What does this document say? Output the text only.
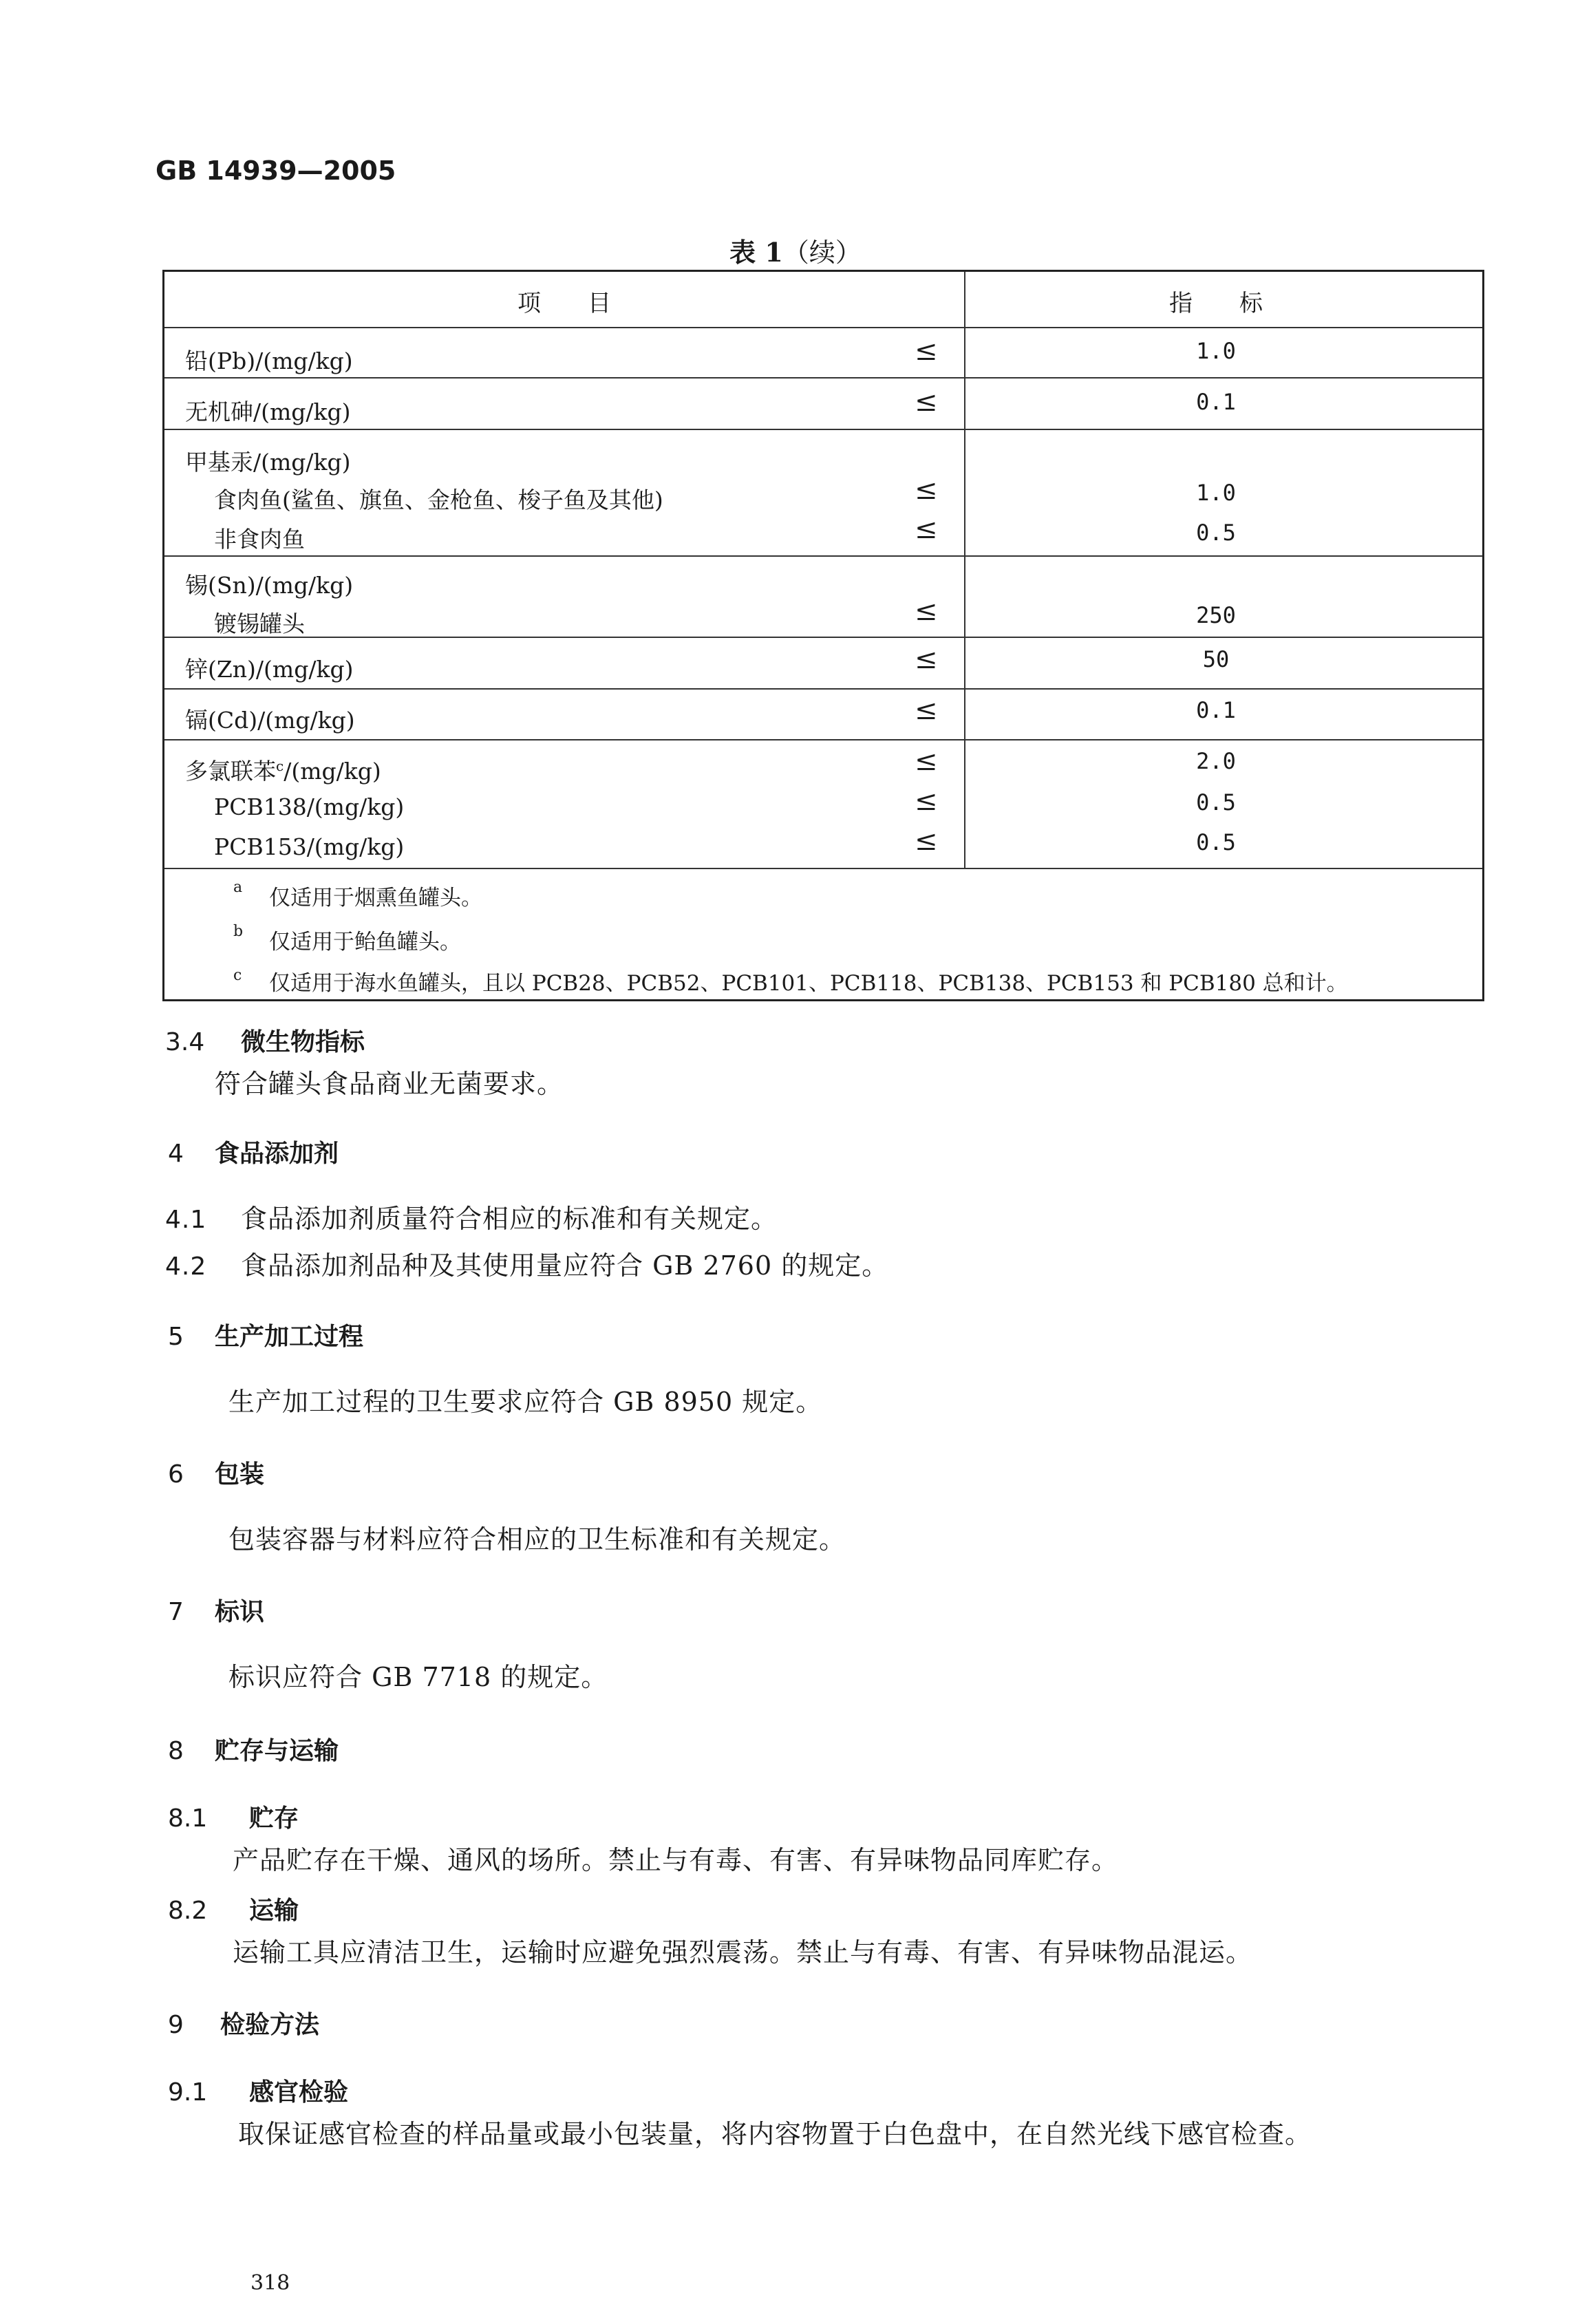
GB 14939—2005
表 1（续）
项　　目	指　　标
铅(Pb)/(mg/kg)	≤	1.0
无机砷/(mg/kg)	≤	0.1
甲基汞/(mg/kg)
食肉鱼(鲨鱼、旗鱼、金枪鱼、梭子鱼及其他)	≤	1.0
非食肉鱼	≤	0.5
锡(Sn)/(mg/kg)
镀锡罐头	≤	250
锌(Zn)/(mg/kg)	≤	50
镉(Cd)/(mg/kg)	≤	0.1
多氯联苯$^c$/(mg/kg)	≤	2.0
PCB138/(mg/kg)	≤	0.5
PCB153/(mg/kg)	≤	0.5
a 仅适用于烟熏鱼罐头。
b 仅适用于鲐鱼罐头。
c 仅适用于海水鱼罐头，且以 PCB28、PCB52、PCB101、PCB118、PCB138、PCB153 和 PCB180 总和计。
3.4 微生物指标
符合罐头食品商业无菌要求。
4 食品添加剂
4.1 食品添加剂质量符合相应的标准和有关规定。
4.2 食品添加剂品种及其使用量应符合 GB 2760 的规定。
5 生产加工过程
生产加工过程的卫生要求应符合 GB 8950 规定。
6 包装
包装容器与材料应符合相应的卫生标准和有关规定。
7 标识
标识应符合 GB 7718 的规定。
8 贮存与运输
8.1 贮存
产品贮存在干燥、通风的场所。禁止与有毒、有害、有异味物品同库贮存。
8.2 运输
运输工具应清洁卫生，运输时应避免强烈震荡。禁止与有毒、有害、有异味物品混运。
9 检验方法
9.1 感官检验
取保证感官检查的样品量或最小包装量，将内容物置于白色盘中，在自然光线下感官检查。
318
